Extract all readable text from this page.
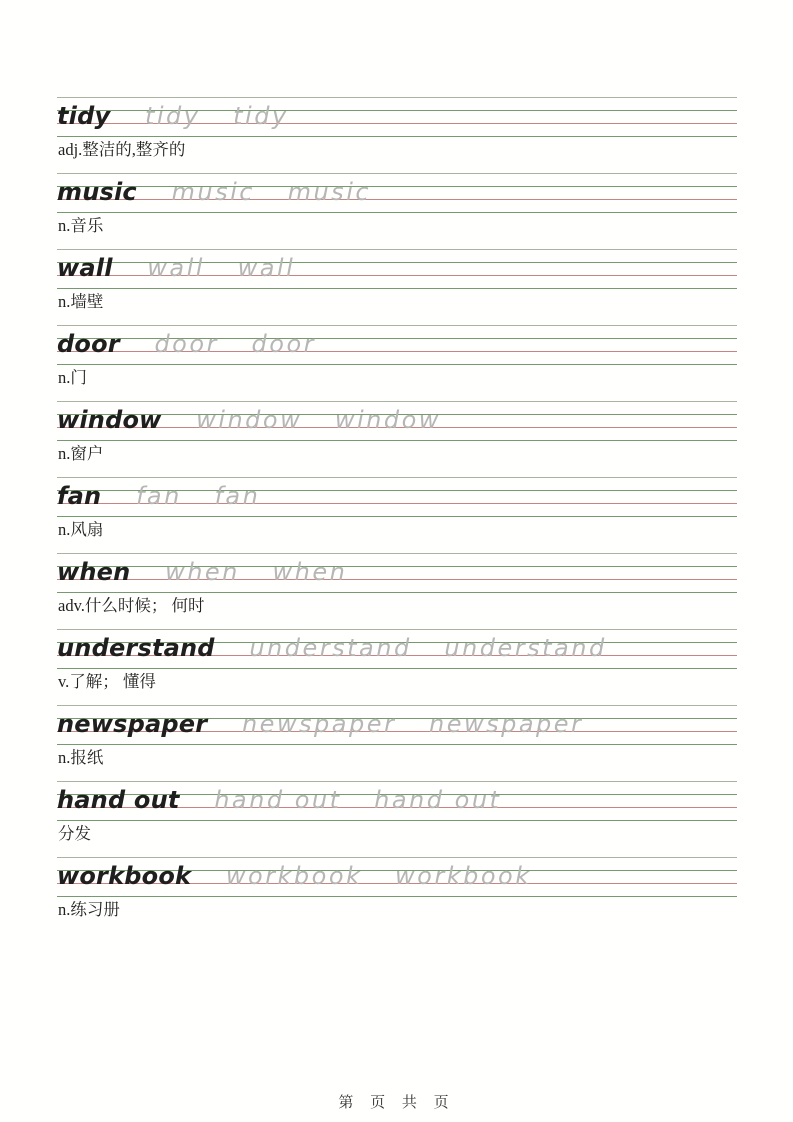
tidy tidy tidy
adj.整洁的,整齐的
music music music
n.音乐
wall wall wall
n.墙壁
door door door
n.门
window window window
n.窗户
fan fan fan
n.风扇
when when when
adv.什么时候； 何时
understand understand understand
v.了解； 懂得
newspaper newspaper newspaper
n.报纸
hand out hand out hand out
分发
workbook workbook workbook
n.练习册
第 页 共 页
